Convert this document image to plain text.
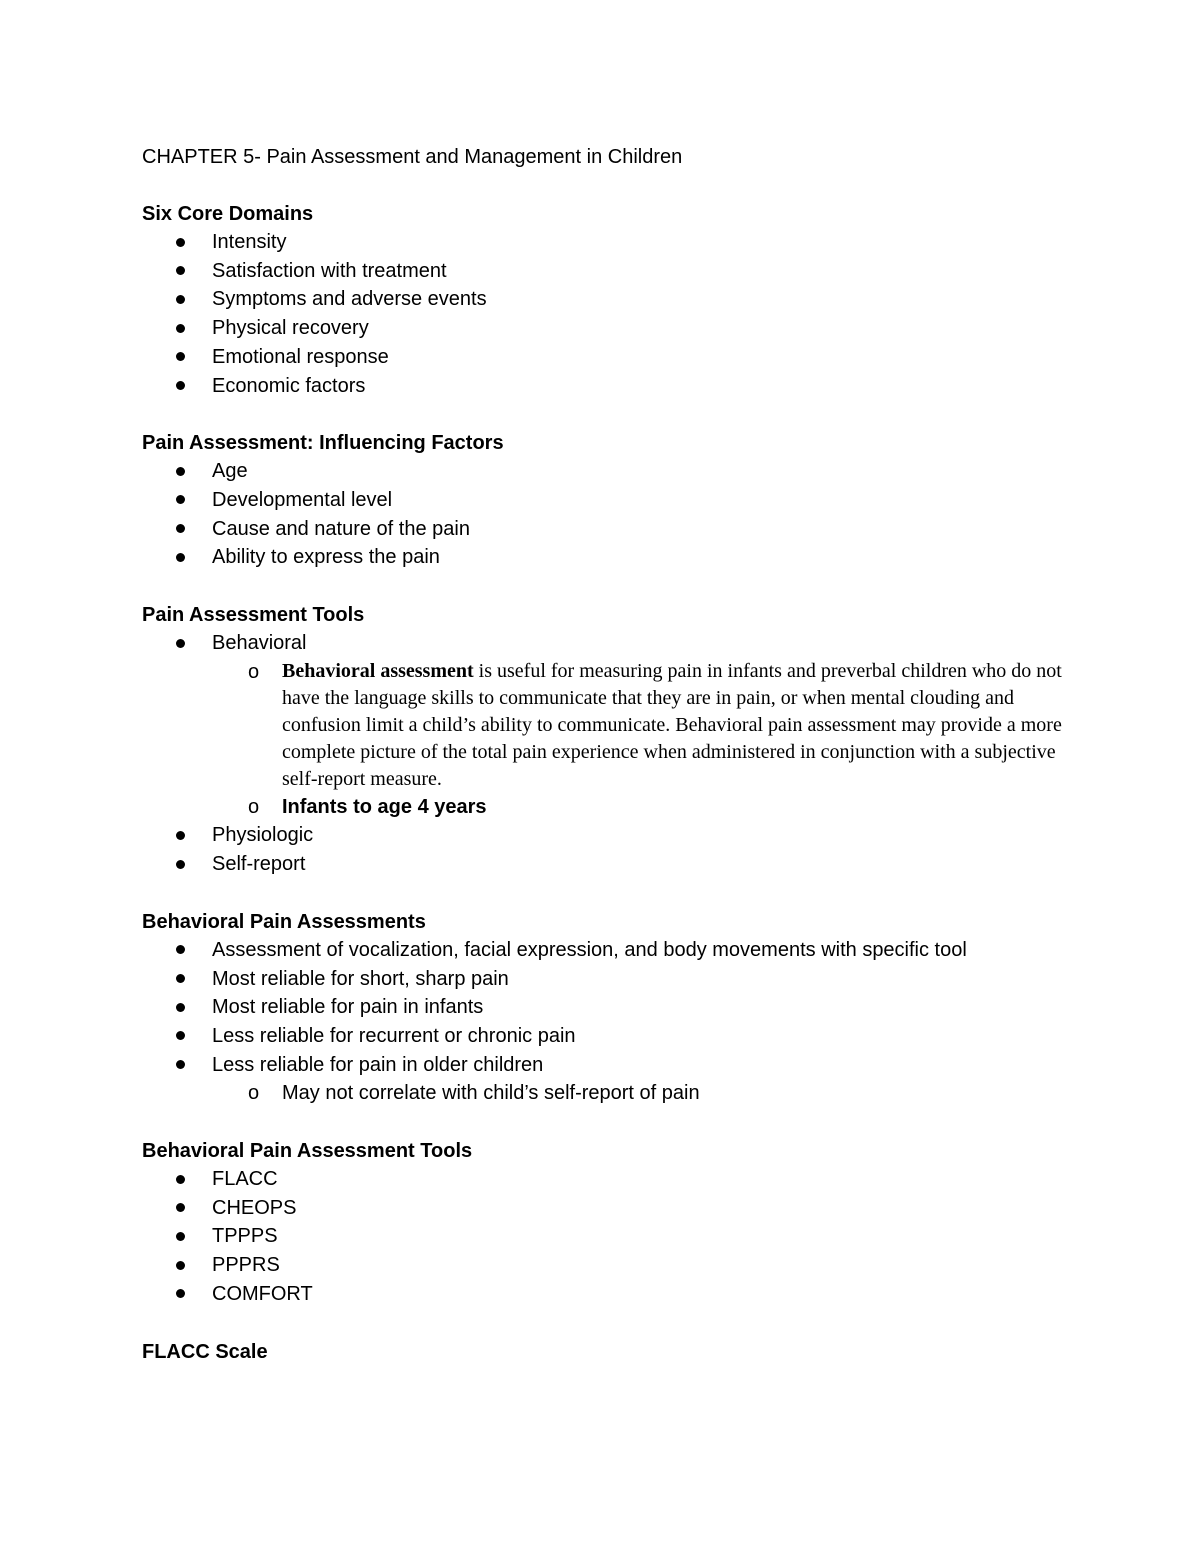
CHAPTER 5- Pain Assessment and Management in Children

Six Core Domains

Intensity
Satisfaction with treatment
Symptoms and adverse events
Physical recovery
Emotional response
Economic factors

Pain Assessment: Influencing Factors

Age
Developmental level
Cause and nature of the pain
Ability to express the pain

Pain Assessment Tools

Behavioral
o Behavioral assessment is useful for measuring pain in infants and preverbal children who do not have the language skills to communicate that they are in pain, or when mental clouding and confusion limit a child’s ability to communicate. Behavioral pain assessment may provide a more complete picture of the total pain experience when administered in conjunction with a subjective self-report measure.
o Infants to age 4 years
Physiologic
Self-report

Behavioral Pain Assessments

Assessment of vocalization, facial expression, and body movements with specific tool
Most reliable for short, sharp pain
Most reliable for pain in infants
Less reliable for recurrent or chronic pain
Less reliable for pain in older children
o May not correlate with child’s self-report of pain

Behavioral Pain Assessment Tools

FLACC
CHEOPS
TPPPS
PPPRS
COMFORT

FLACC Scale
